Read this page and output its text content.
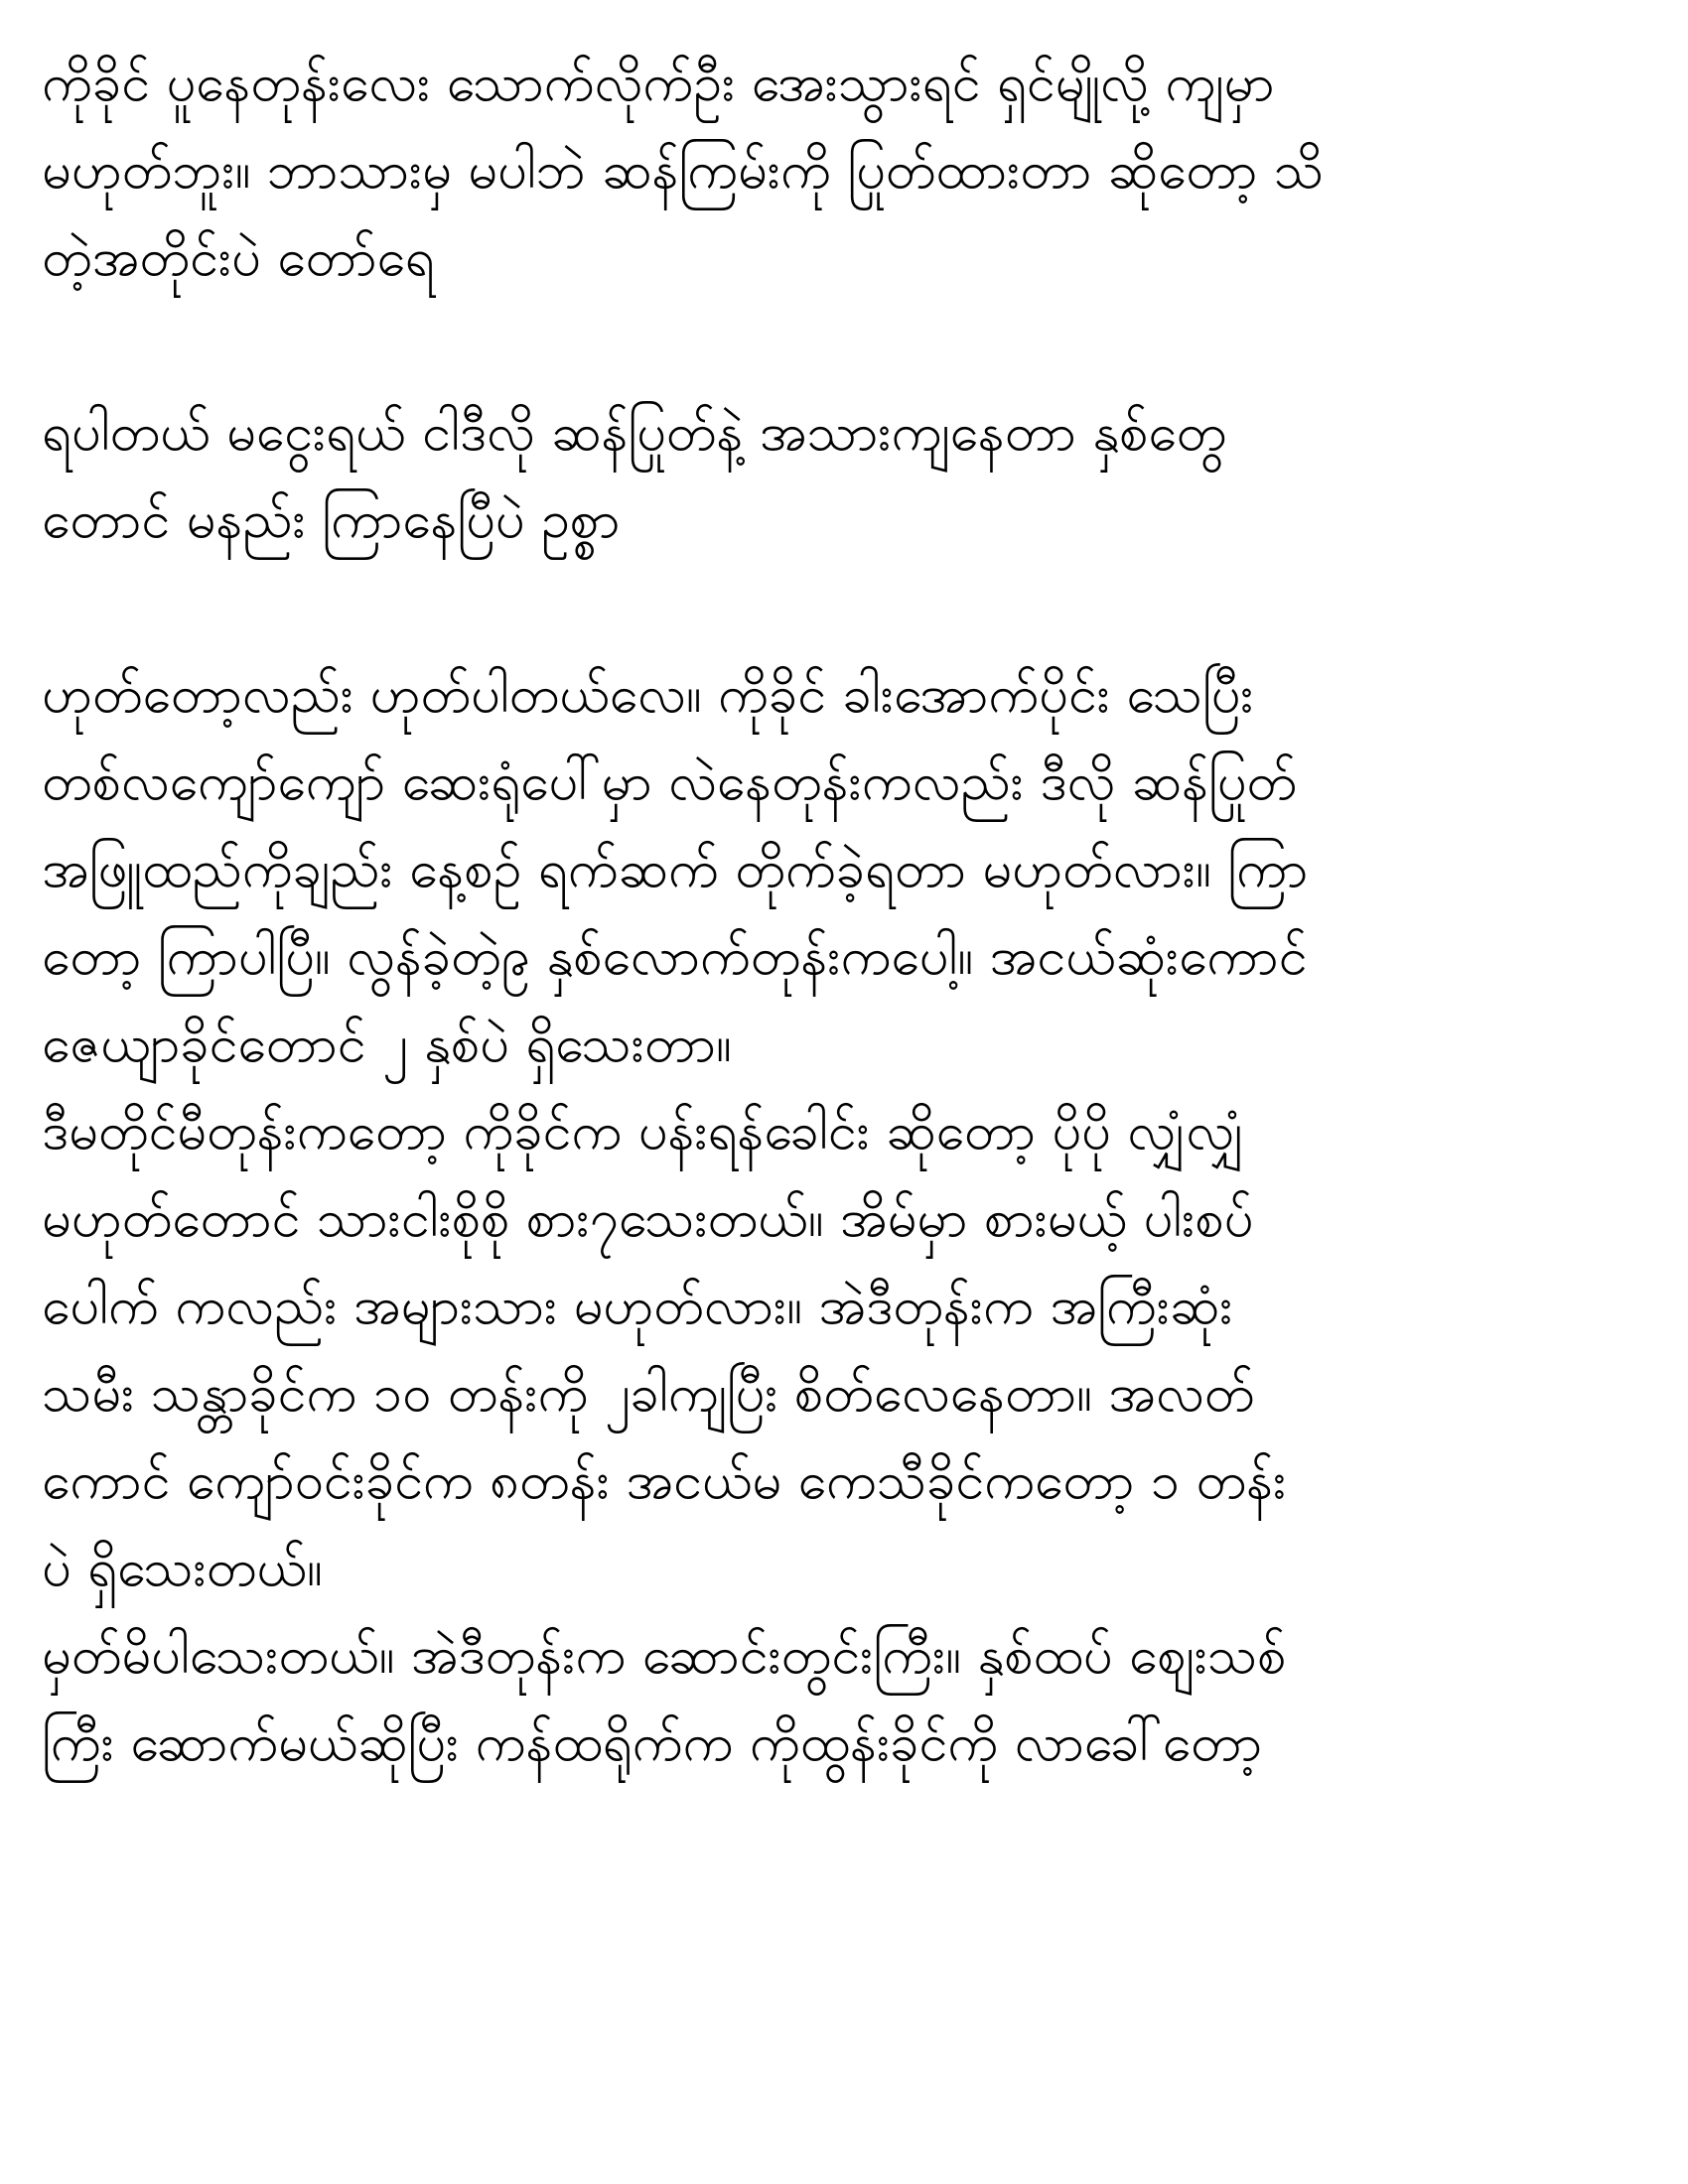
ကိုခိုင် ပူနေတုန်းလေး သောက်လိုက်ဦး အေးသွားရင် ရှင်မျိုလို့ ကျမှာ
မဟုတ်ဘူး။ ဘာသားမှ မပါဘဲ ဆန်ကြမ်းကို ပြုတ်ထားတာ ဆိုတော့ သိ
တဲ့အတိုင်းပဲ တော်ရေ
ရပါတယ် မငွေးရယ် ငါဒီလို ဆန်ပြုတ်နဲ့ အသားကျနေတာ နှစ်တွေ
တောင် မနည်း ကြာနေပြီပဲ ဥစ္စာ
ဟုတ်တော့လည်း ဟုတ်ပါတယ်လေ။ ကိုခိုင် ခါးအောက်ပိုင်း သေပြီး
တစ်လကျော်ကျော် ဆေးရုံပေါ်မှာ လဲနေတုန်းကလည်း ဒီလို ဆန်ပြုတ်
အဖြူထည်ကိုချည်း နေ့စဉ် ရက်ဆက် တိုက်ခဲ့ရတာ မဟုတ်လား။ ကြာ
တော့ ကြာပါပြီ။ လွန်ခဲ့တဲ့၉ နှစ်လောက်တုန်းကပေါ့။ အငယ်ဆုံးကောင်
ဇေယျာခိုင်တောင် ၂ နှစ်ပဲ ရှိသေးတာ။
ဒီမတိုင်မီတုန်းကတော့ ကိုခိုင်က ပန်းရန်ခေါင်း ဆိုတော့ ပိုပို လျှံလျှံ
မဟုတ်တောင် သားငါးစိုစို စား၇သေးတယ်။ အိမ်မှာ စားမယ့် ပါးစပ်
ပေါက် ကလည်း အများသား မဟုတ်လား။ အဲဒီတုန်းက အကြီးဆုံး
သမီး သန္တာခိုင်က ၁၀ တန်းကို ၂ခါကျပြီး စိတ်လေနေတာ။ အလတ်
ကောင် ကျော်ဝင်းခိုင်က ၈တန်း အငယ်မ ကေသီခိုင်ကတော့ ၁ တန်း
ပဲ ရှိသေးတယ်။
မှတ်မိပါသေးတယ်။ အဲဒီတုန်းက ဆောင်းတွင်းကြီး။ နှစ်ထပ် စျေးသစ်
ကြီး ဆောက်မယ်ဆိုပြီး ကန်ထရိုက်က ကိုထွန်းခိုင်ကို လာခေါ်တော့
